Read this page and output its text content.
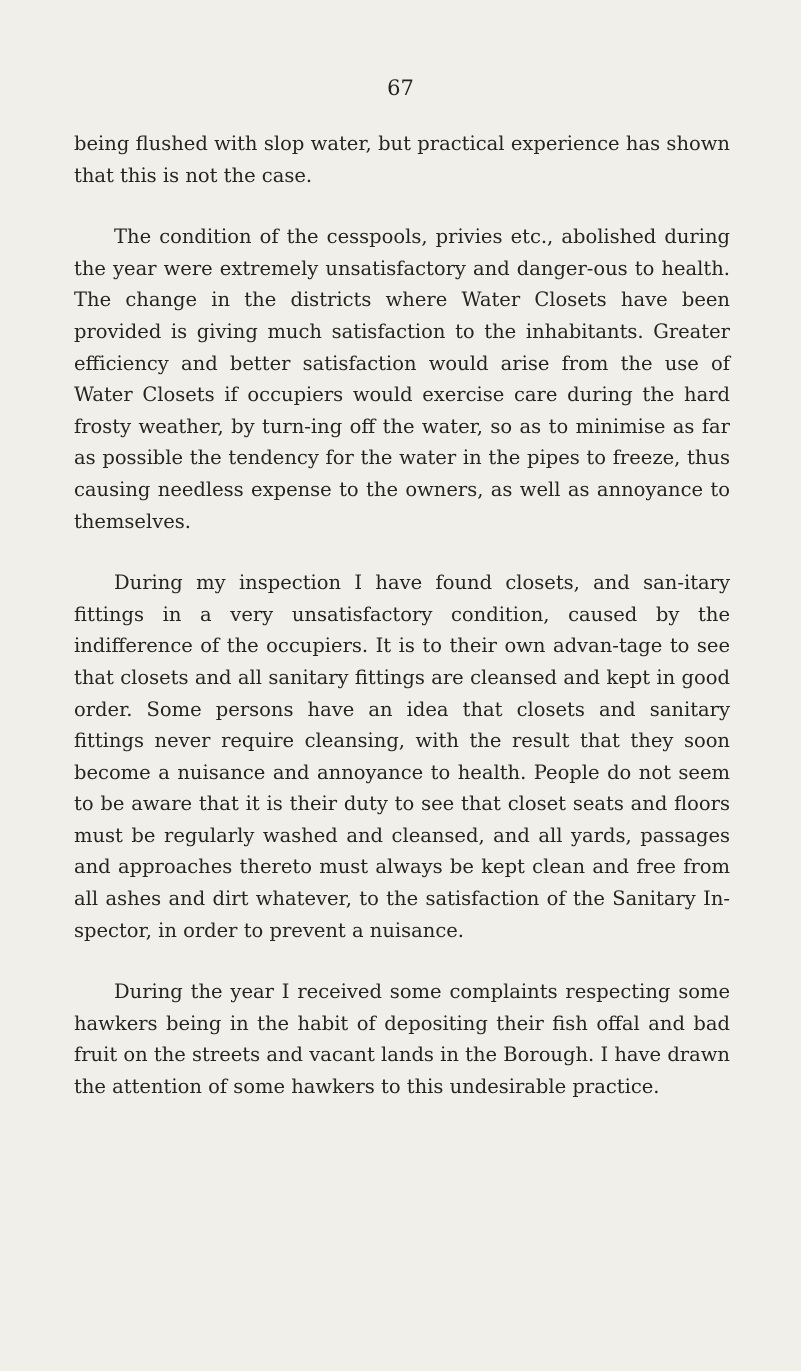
67

being flushed with slop water, but practical experience has shown that this is not the case.

The condition of the cesspools, privies etc., abolished during the year were extremely unsatisfactory and danger-ous to health. The change in the districts where Water Closets have been provided is giving much satisfaction to the inhabitants. Greater efficiency and better satisfaction would arise from the use of Water Closets if occupiers would exercise care during the hard frosty weather, by turn-ing off the water, so as to minimise as far as possible the tendency for the water in the pipes to freeze, thus causing needless expense to the owners, as well as annoyance to themselves.

During my inspection I have found closets, and san-itary fittings in a very unsatisfactory condition, caused by the indifference of the occupiers. It is to their own advan-tage to see that closets and all sanitary fittings are cleansed and kept in good order. Some persons have an idea that closets and sanitary fittings never require cleansing, with the result that they soon become a nuisance and annoyance to health. People do not seem to be aware that it is their duty to see that closet seats and floors must be regularly washed and cleansed, and all yards, passages and approaches thereto must always be kept clean and free from all ashes and dirt whatever, to the satisfaction of the Sanitary In-spector, in order to prevent a nuisance.

During the year I received some complaints respecting some hawkers being in the habit of depositing their fish offal and bad fruit on the streets and vacant lands in the Borough. I have drawn the attention of some hawkers to this undesirable practice.
